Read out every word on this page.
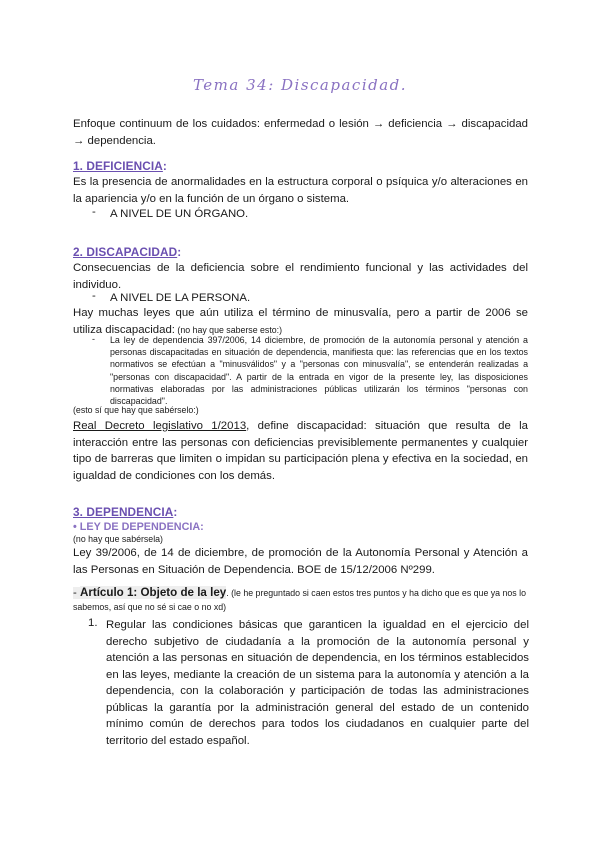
Tema 34: Discapacidad.
Enfoque continuum de los cuidados: enfermedad o lesión → deficiencia → discapacidad → dependencia.
1. DEFICIENCIA:
Es la presencia de anormalidades en la estructura corporal o psíquica y/o alteraciones en la apariencia y/o en la función de un órgano o sistema.
- A NIVEL DE UN ÓRGANO.
2. DISCAPACIDAD:
Consecuencias de la deficiencia sobre el rendimiento funcional y las actividades del individuo.
- A NIVEL DE LA PERSONA.
Hay muchas leyes que aún utiliza el término de minusvalía, pero a partir de 2006 se utiliza discapacidad: (no hay que saberse esto:)
- La ley de dependencia 397/2006, 14 diciembre, de promoción de la autonomía personal y atención a personas discapacitadas en situación de dependencia, manifiesta que: las referencias que en los textos normativos se efectúan a "minusválidos" y a "personas con minusvalía", se entenderán realizadas a "personas con discapacidad". A partir de la entrada en vigor de la presente ley, las disposiciones normativas elaboradas por las administraciones públicas utilizarán los términos "personas con discapacidad".
(esto sí que hay que sabérselo:)
Real Decreto legislativo 1/2013, define discapacidad: situación que resulta de la interacción entre las personas con deficiencias previsiblemente permanentes y cualquier tipo de barreras que limiten o impidan su participación plena y efectiva en la sociedad, en igualdad de condiciones con los demás.
3. DEPENDENCIA:
• LEY DE DEPENDENCIA:
(no hay que sabérsela)
Ley 39/2006, de 14 de diciembre, de promoción de la Autonomía Personal y Atención a las Personas en Situación de Dependencia. BOE de 15/12/2006 Nº299.
- Artículo 1: Objeto de la ley. (le he preguntado si caen estos tres puntos y ha dicho que es que ya nos lo sabemos, así que no sé si cae o no xd)
1. Regular las condiciones básicas que garanticen la igualdad en el ejercicio del derecho subjetivo de ciudadanía a la promoción de la autonomía personal y atención a las personas en situación de dependencia, en los términos establecidos en las leyes, mediante la creación de un sistema para la autonomía y atención a la dependencia, con la colaboración y participación de todas las administraciones públicas la garantía por la administración general del estado de un contenido mínimo común de derechos para todos los ciudadanos en cualquier parte del territorio del estado español.
